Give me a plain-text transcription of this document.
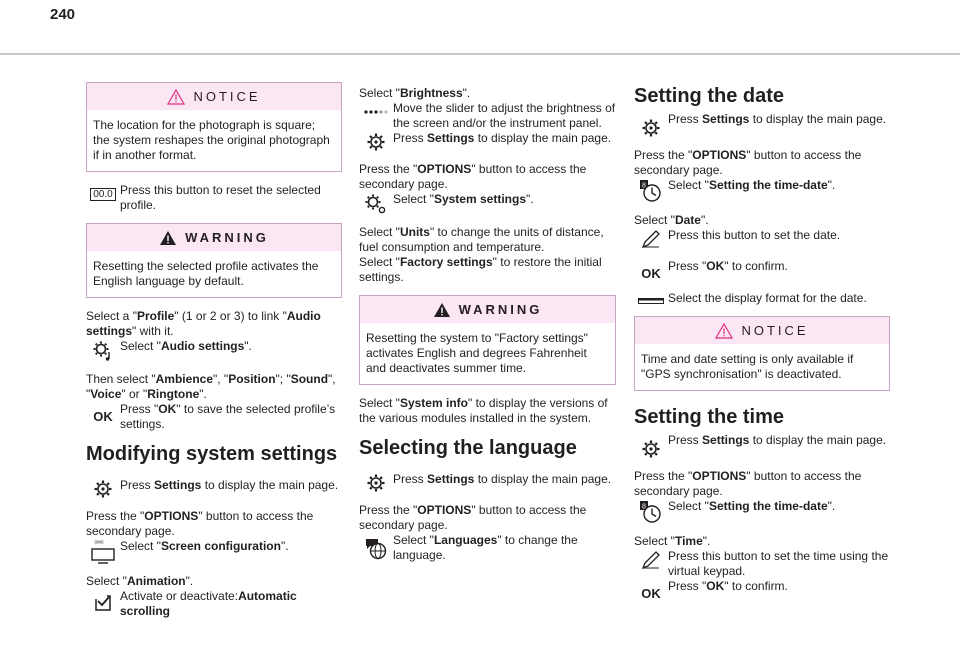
240
NOTICE
The location for the photograph is square; the system reshapes the original photograph if in another format.
00.0 Press this button to reset the selected profile.
WARNING
Resetting the selected profile activates the English language by default.
Select a "Profile" (1 or 2 or 3) to link "Audio settings" with it.
Select "Audio settings".
Then select "Ambience", "Position"; "Sound", "Voice" or "Ringtone".
OK Press "OK" to save the selected profile’s settings.
Modifying system settings
Press Settings to display the main page.
Press the "OPTIONS" button to access the secondary page.
Select "Screen configuration".
Select "Animation".
Activate or deactivate:Automatic scrolling
Select "Brightness".
Move the slider to adjust the brightness of the screen and/or the instrument panel.
Press Settings to display the main page.
Press the "OPTIONS" button to access the secondary page.
Select "System settings".

Select "Units" to change the units of distance, fuel consumption and temperature.
Select "Factory settings" to restore the initial settings.

WARNING
Resetting the system to "Factory settings" activates English and degrees Fahrenheit and deactivates summer time.

Select "System info" to display the versions of the various modules installed in the system.

Selecting the language
Press Settings to display the main page.
Press the "OPTIONS" button to access the secondary page.
Select "Languages" to change the language.
Setting the date
Press Settings to display the main page.
Press the "OPTIONS" button to access the secondary page.
8 Select "Setting the time-date".
Select "Date".
Press this button to set the date.
OK Press "OK" to confirm.
Select the display format for the date.
NOTICE
Time and date setting is only available if "GPS synchronisation" is deactivated.
Setting the time
Press Settings to display the main page.
Press the "OPTIONS" button to access the secondary page.
8 Select "Setting the time-date".
Select "Time".
Press this button to set the time using the virtual keypad.
OK Press "OK" to confirm.
